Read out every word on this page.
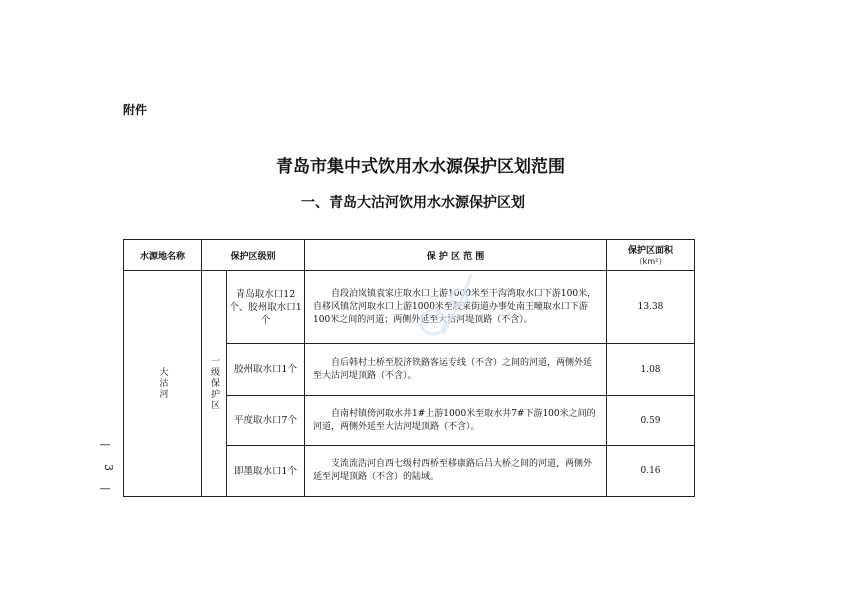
附件
青岛市集中式饮用水水源保护区划范围
一、青岛大沽河饮用水水源保护区划
—
3
—
水源地名称	保护区级别		保 护 区 范 围	保护区面积
（km²）

大沽河	一级保护区	青岛取水口12个、胶州取水口1个	自段泊岚镇袁家庄取水口上游1000米至干沟湾取水口下游100米，自移风镇岔河取水口上游1000米至胶莱街道办事处南王疃取水口下游100米之间的河道；两侧外延至大沽河堤顶路（不含）。	13.38
		胶州取水口1个	自后韩村土桥至胶济铁路客运专线（不含）之间的河道，两侧外延至大沽河堤顶路（不含）。	1.08
		平度取水口7个	自南村镇傍河取水井1#上游1000米至取水井7#下游100米之间的河道，两侧外延至大沽河堤顶路（不含）。	0.59
		即墨取水口1个	支流流浩河自西七级村西桥至移康路后吕大桥之间的河道，两侧外延至河堤顶路（不含）的陆域。	0.16
